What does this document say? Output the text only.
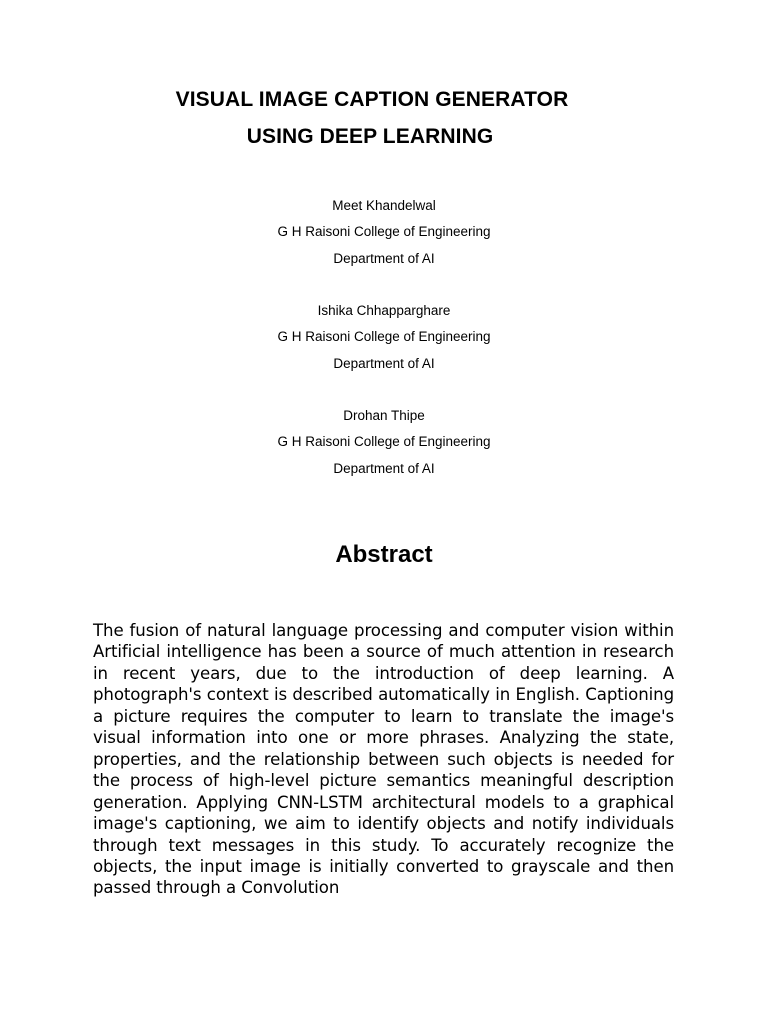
VISUAL IMAGE CAPTION GENERATOR
USING DEEP LEARNING
Meet Khandelwal
G H Raisoni College of Engineering
Department of AI
Ishika Chhapparghare
G H Raisoni College of Engineering
Department of AI
Drohan Thipe
G H Raisoni College of Engineering
Department of AI
Abstract

The fusion of natural language processing and computer vision within Artificial intelligence has been a source of much attention in research in recent years, due to the introduction of deep learning. A photograph's context is described automatically in English. Captioning a picture requires the computer to learn to translate the image's visual information into one or more phrases. Analyzing the state, properties, and the relationship between such objects is needed for the process of high-level picture semantics meaningful description generation. Applying CNN-LSTM architectural models to a graphical image's captioning, we aim to identify objects and notify individuals through text messages in this study. To accurately recognize the objects, the input image is initially converted to grayscale and then passed through a Convolution
